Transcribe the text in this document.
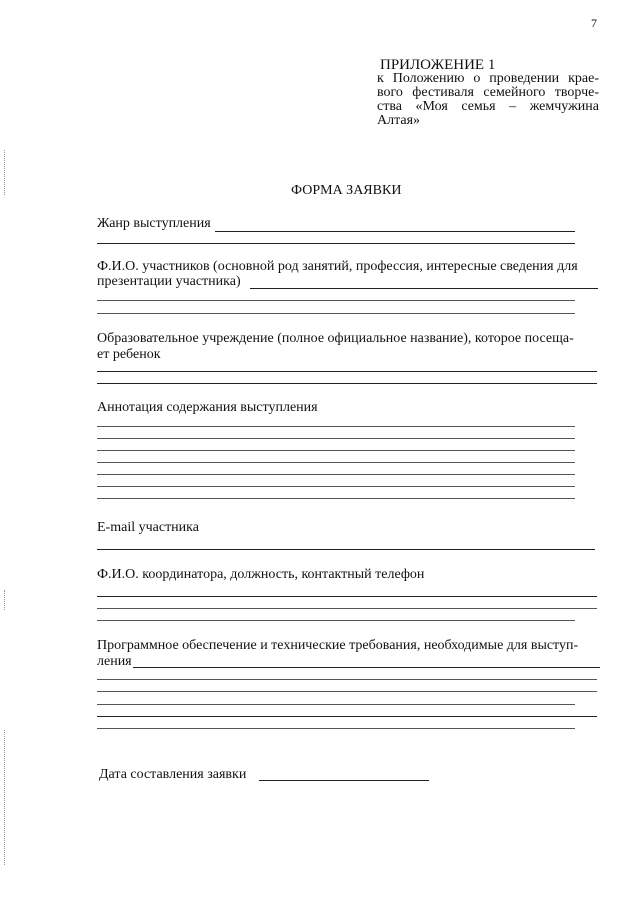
7
ПРИЛОЖЕНИЕ 1
к Положению о проведении крае-
вого фестиваля семейного творче-
ства «Моя семья – жемчужина
Алтая»
ФОРМА ЗАЯВКИ
Жанр выступления
Ф.И.О. участников (основной род занятий, профессия, интересные сведения для
презентации участника)
Образовательное учреждение (полное официальное название), которое посеща-
ет ребенок
Аннотация содержания выступления
E-mail участника
Ф.И.О. координатора, должность, контактный телефон
Программное обеспечение и технические требования, необходимые для выступ-
ления
Дата составления заявки
